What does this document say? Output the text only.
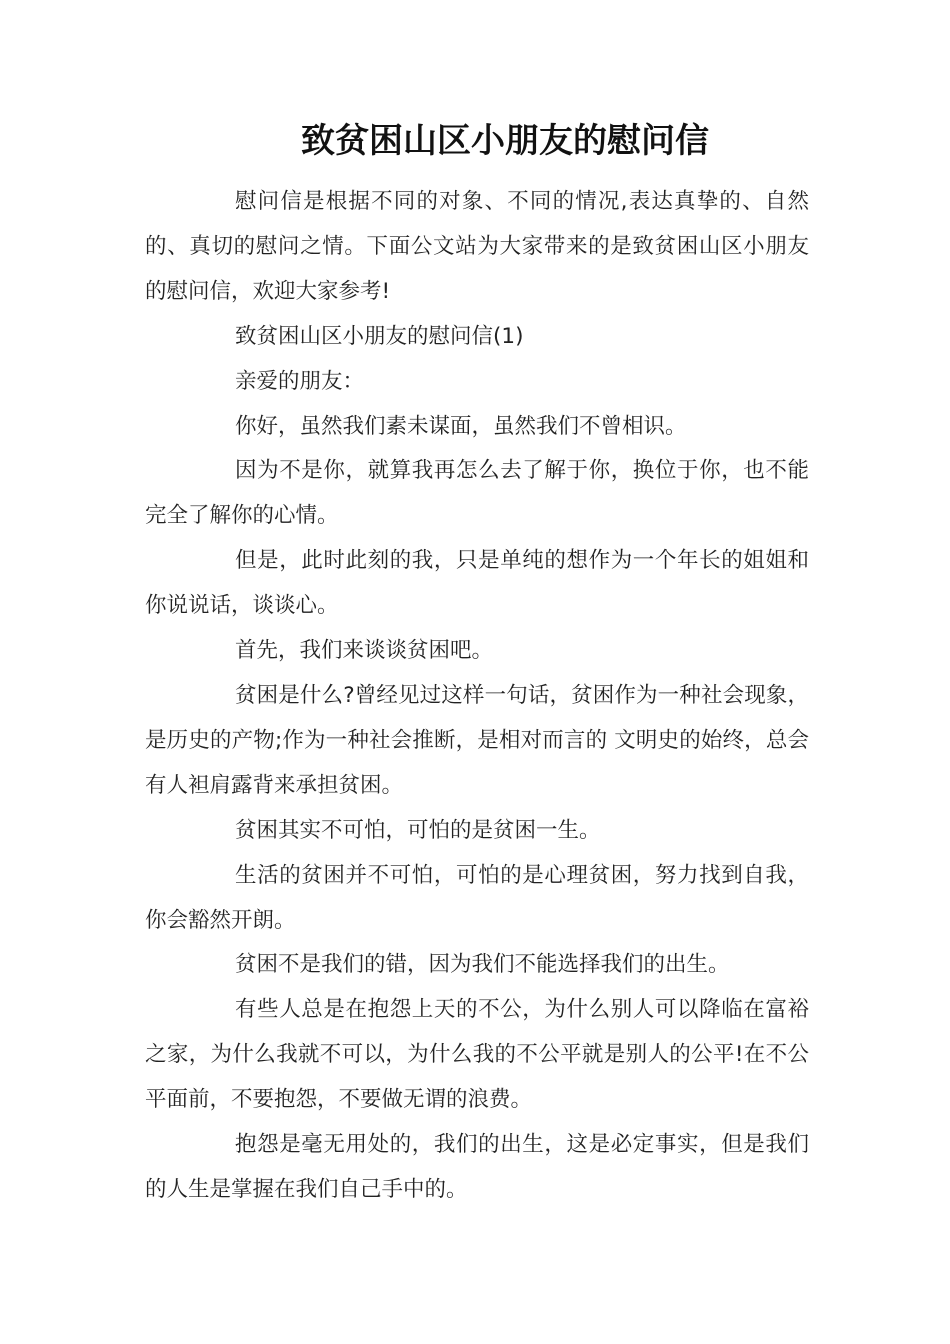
致贫困山区小朋友的慰问信

慰问信是根据不同的对象、不同的情况,表达真挚的、自然的、真切的慰问之情。下面公文站为大家带来的是致贫困山区小朋友的慰问信，欢迎大家参考!

致贫困山区小朋友的慰问信(1)

亲爱的朋友：

你好，虽然我们素未谋面，虽然我们不曾相识。

因为不是你，就算我再怎么去了解于你，换位于你，也不能完全了解你的心情。

但是，此时此刻的我，只是单纯的想作为一个年长的姐姐和你说说话，谈谈心。

首先，我们来谈谈贫困吧。

贫困是什么?曾经见过这样一句话，贫困作为一种社会现象，是历史的产物;作为一种社会推断，是相对而言的 文明史的始终，总会有人袒肩露背来承担贫困。

贫困其实不可怕，可怕的是贫困一生。

生活的贫困并不可怕，可怕的是心理贫困，努力找到自我，你会豁然开朗。

贫困不是我们的错，因为我们不能选择我们的出生。

有些人总是在抱怨上天的不公，为什么别人可以降临在富裕之家，为什么我就不可以，为什么我的不公平就是别人的公平!在不公平面前，不要抱怨，不要做无谓的浪费。

抱怨是毫无用处的，我们的出生，这是必定事实，但是我们的人生是掌握在我们自己手中的。
